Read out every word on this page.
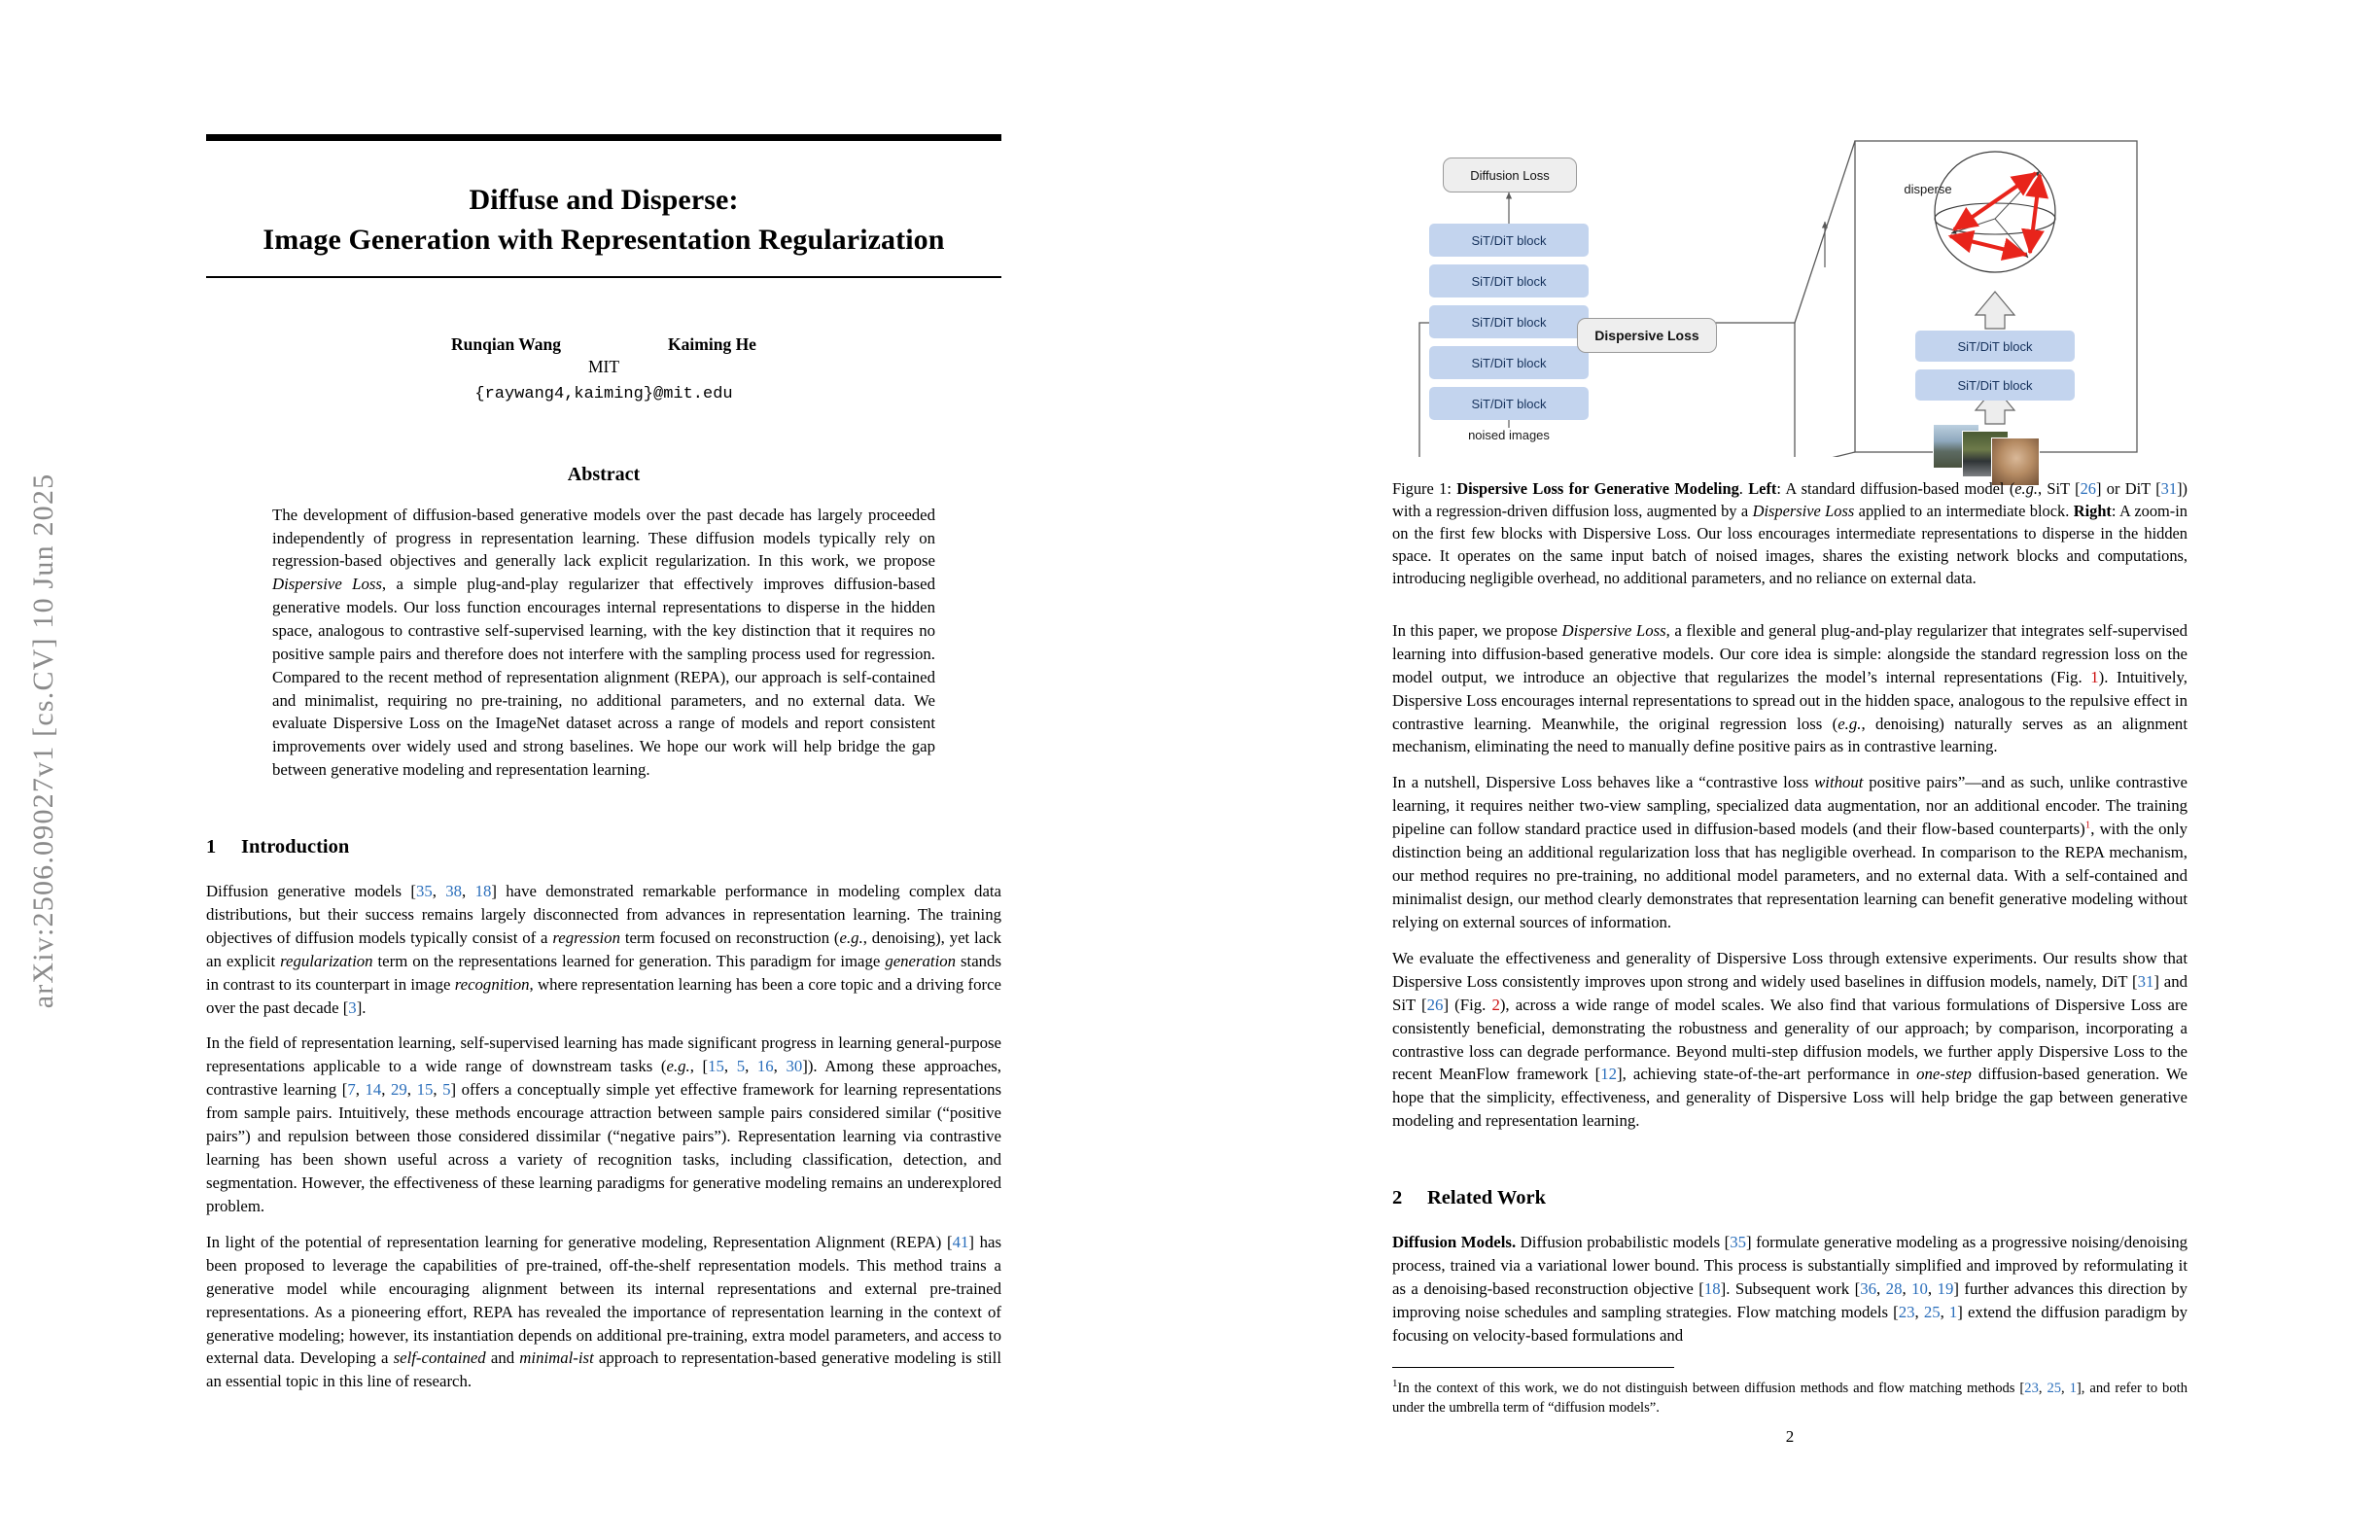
arXiv:2506.09027v1 [cs.CV] 10 Jun 2025
Diffuse and Disperse:
Image Generation with Representation Regularization
Runqian Wang	Kaiming He
MIT
{raywang4,kaiming}@mit.edu
Abstract
The development of diffusion-based generative models over the past decade has largely proceeded independently of progress in representation learning. These diffusion models typically rely on regression-based objectives and generally lack explicit regularization. In this work, we propose Dispersive Loss, a simple plug-and-play regularizer that effectively improves diffusion-based generative models. Our loss function encourages internal representations to disperse in the hidden space, analogous to contrastive self-supervised learning, with the key distinction that it requires no positive sample pairs and therefore does not interfere with the sampling process used for regression. Compared to the recent method of representation alignment (REPA), our approach is self-contained and minimalist, requiring no pre-training, no additional parameters, and no external data. We evaluate Dispersive Loss on the ImageNet dataset across a range of models and report consistent improvements over widely used and strong baselines. We hope our work will help bridge the gap between generative modeling and representation learning.
1 Introduction

Diffusion generative models [35, 38, 18] have demonstrated remarkable performance in modeling complex data distributions, but their success remains largely disconnected from advances in representation learning. The training objectives of diffusion models typically consist of a regression term focused on reconstruction (e.g., denoising), yet lack an explicit regularization term on the representations learned for generation. This paradigm for image generation stands in contrast to its counterpart in image recognition, where representation learning has been a core topic and a driving force over the past decade [3].

In the field of representation learning, self-supervised learning has made significant progress in learning general-purpose representations applicable to a wide range of downstream tasks (e.g., [15, 5, 16, 30]). Among these approaches, contrastive learning [7, 14, 29, 15, 5] offers a conceptually simple yet effective framework for learning representations from sample pairs. Intuitively, these methods encourage attraction between sample pairs considered similar (“positive pairs”) and repulsion between those considered dissimilar (“negative pairs”). Representation learning via contrastive learning has been shown useful across a variety of recognition tasks, including classification, detection, and segmentation. However, the effectiveness of these learning paradigms for generative modeling remains an underexplored problem.

In light of the potential of representation learning for generative modeling, Representation Alignment (REPA) [41] has been proposed to leverage the capabilities of pre-trained, off-the-shelf representation models. This method trains a generative model while encouraging alignment between its internal representations and external pre-trained representations. As a pioneering effort, REPA has revealed the importance of representation learning in the context of generative modeling; however, its instantiation depends on additional pre-training, extra model parameters, and access to external data. Developing a self-contained and minimal-ist approach to representation-based generative modeling is still an essential topic in this line of research.

Diffusion Loss
SiT/DiT block
SiT/DiT block
SiT/DiT block
SiT/DiT block
SiT/DiT block
Dispersive Loss
noised images
disperse
SiT/DiT block
SiT/DiT block
Figure 1: Dispersive Loss for Generative Modeling. Left: A standard diffusion-based model (e.g., SiT [26] or DiT [31]) with a regression-driven diffusion loss, augmented by a Dispersive Loss applied to an intermediate block. Right: A zoom-in on the first few blocks with Dispersive Loss. Our loss encourages intermediate representations to disperse in the hidden space. It operates on the same input batch of noised images, shares the existing network blocks and computations, introducing negligible overhead, no additional parameters, and no reliance on external data.

In this paper, we propose Dispersive Loss, a flexible and general plug-and-play regularizer that integrates self-supervised learning into diffusion-based generative models. Our core idea is simple: alongside the standard regression loss on the model output, we introduce an objective that regularizes the model’s internal representations (Fig. 1). Intuitively, Dispersive Loss encourages internal representations to spread out in the hidden space, analogous to the repulsive effect in contrastive learning. Meanwhile, the original regression loss (e.g., denoising) naturally serves as an alignment mechanism, eliminating the need to manually define positive pairs as in contrastive learning.

In a nutshell, Dispersive Loss behaves like a “contrastive loss without positive pairs”—and as such, unlike contrastive learning, it requires neither two-view sampling, specialized data augmentation, nor an additional encoder. The training pipeline can follow standard practice used in diffusion-based models (and their flow-based counterparts)$^1$, with the only distinction being an additional regularization loss that has negligible overhead. In comparison to the REPA mechanism, our method requires no pre-training, no additional model parameters, and no external data. With a self-contained and minimalist design, our method clearly demonstrates that representation learning can benefit generative modeling without relying on external sources of information.

We evaluate the effectiveness and generality of Dispersive Loss through extensive experiments. Our results show that Dispersive Loss consistently improves upon strong and widely used baselines in diffusion models, namely, DiT [31] and SiT [26] (Fig. 2), across a wide range of model scales. We also find that various formulations of Dispersive Loss are consistently beneficial, demonstrating the robustness and generality of our approach; by comparison, incorporating a contrastive loss can degrade performance. Beyond multi-step diffusion models, we further apply Dispersive Loss to the recent MeanFlow framework [12], achieving state-of-the-art performance in one-step diffusion-based generation. We hope that the simplicity, effectiveness, and generality of Dispersive Loss will help bridge the gap between generative modeling and representation learning.

2 Related Work

Diffusion Models. Diffusion probabilistic models [35] formulate generative modeling as a progressive noising/denoising process, trained via a variational lower bound. This process is substantially simplified and improved by reformulating it as a denoising-based reconstruction objective [18]. Subsequent work [36, 28, 10, 19] further advances this direction by improving noise schedules and sampling strategies. Flow matching models [23, 25, 1] extend the diffusion paradigm by focusing on velocity-based formulations and

$^1$In the context of this work, we do not distinguish between diffusion methods and flow matching methods [23, 25, 1], and refer to both under the umbrella term of “diffusion models”.
2
